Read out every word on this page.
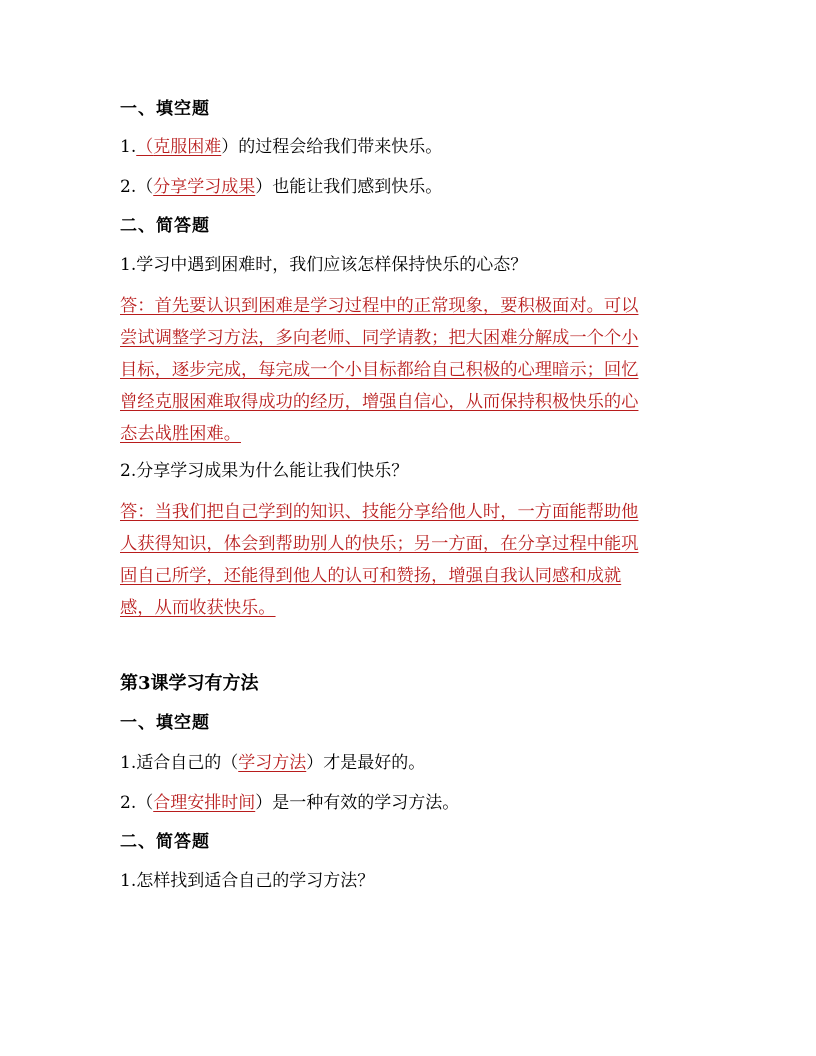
一、填空题

1.（克服困难）的过程会给我们带来快乐。

2.（分享学习成果）也能让我们感到快乐。

二、简答题

1.学习中遇到困难时，我们应该怎样保持快乐的心态？

答：首先要认识到困难是学习过程中的正常现象，要积极面对。可以
尝试调整学习方法，多向老师、同学请教；把大困难分解成一个个小
目标，逐步完成，每完成一个小目标都给自己积极的心理暗示；回忆
曾经克服困难取得成功的经历，增强自信心，从而保持积极快乐的心
态去战胜困难。

2.分享学习成果为什么能让我们快乐？

答：当我们把自己学到的知识、技能分享给他人时，一方面能帮助他
人获得知识，体会到帮助别人的快乐；另一方面，在分享过程中能巩
固自己所学，还能得到他人的认可和赞扬，增强自我认同感和成就
感，从而收获快乐。

第3课学习有方法

一、填空题

1.适合自己的（学习方法）才是最好的。

2.（合理安排时间）是一种有效的学习方法。

二、简答题

1.怎样找到适合自己的学习方法？
